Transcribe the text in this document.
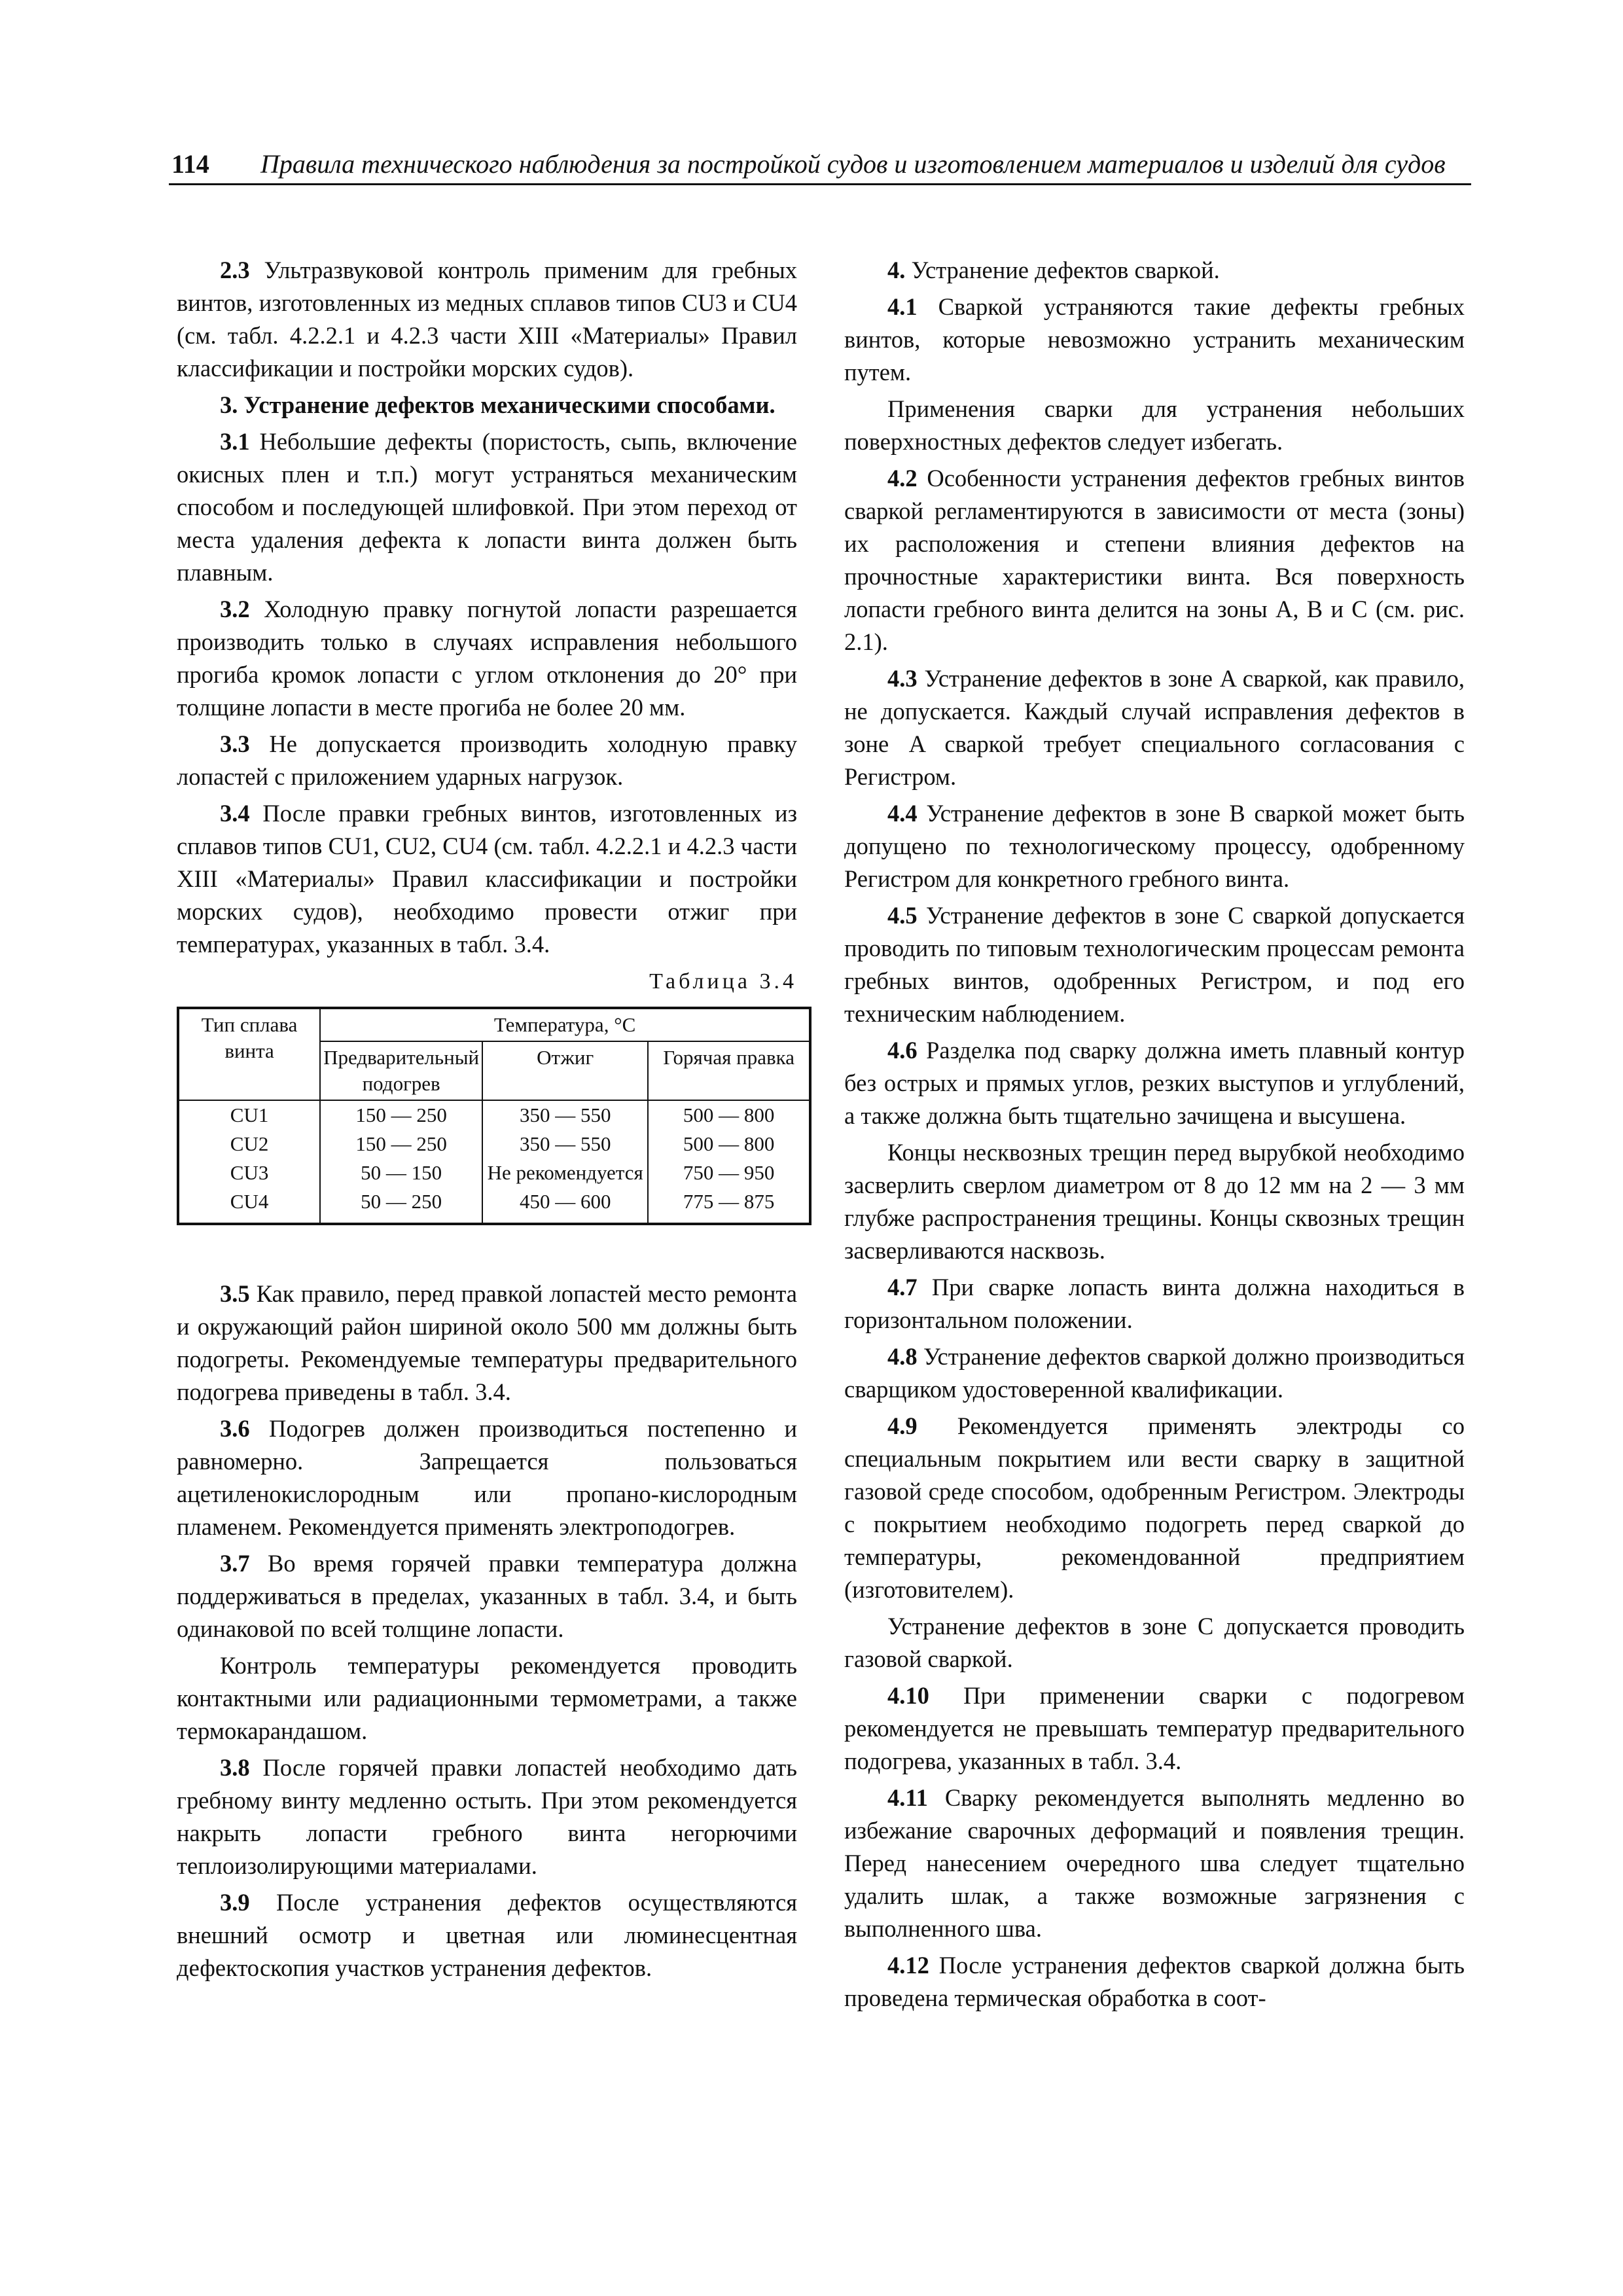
114 Правила технического наблюдения за постройкой судов и изготовлением материалов и изделий для судов

2.3 Ультразвуковой контроль применим для гребных винтов, изготовленных из медных сплавов типов CU3 и CU4 (см. табл. 4.2.2.1 и 4.2.3 части XIII «Материалы» Правил классификации и постройки морских судов).

3. Устранение дефектов механическими способами.

3.1 Небольшие дефекты (пористость, сыпь, включение окисных плен и т.п.) могут устраняться механическим способом и последующей шлифовкой. При этом переход от места удаления дефекта к лопасти винта должен быть плавным.

3.2 Холодную правку погнутой лопасти разрешается производить только в случаях исправления небольшого прогиба кромок лопасти с углом отклонения до 20° при толщине лопасти в месте прогиба не более 20 мм.

3.3 Не допускается производить холодную правку лопастей с приложением ударных нагрузок.

3.4 После правки гребных винтов, изготовленных из сплавов типов CU1, CU2, CU4 (см. табл. 4.2.2.1 и 4.2.3 части XIII «Материалы» Правил классификации и постройки морских судов), необходимо провести отжиг при температурах, указанных в табл. 3.4.

Таблица 3.4
Тип сплава винта	Температура, °С		
	Предварительный подогрев	Отжиг	Горячая правка
CU1	150 — 250	350 — 550	500 — 800
CU2	150 — 250	350 — 550	500 — 800
CU3	50 — 150	Не рекомендуется	750 — 950
CU4	50 — 250	450 — 600	775 — 875

3.5 Как правило, перед правкой лопастей место ремонта и окружающий район шириной около 500 мм должны быть подогреты. Рекомендуемые температуры предварительного подогрева приведены в табл. 3.4.

3.6 Подогрев должен производиться постепенно и равномерно. Запрещается пользоваться ацетиленокислородным или пропано-кислородным пламенем. Рекомендуется применять электроподогрев.

3.7 Во время горячей правки температура должна поддерживаться в пределах, указанных в табл. 3.4, и быть одинаковой по всей толщине лопасти.

Контроль температуры рекомендуется проводить контактными или радиационными термометрами, а также термокарандашом.

3.8 После горячей правки лопастей необходимо дать гребному винту медленно остыть. При этом рекомендуется накрыть лопасти гребного винта негорючими теплоизолирующими материалами.

3.9 После устранения дефектов осуществляются внешний осмотр и цветная или люминесцентная дефектоскопия участков устранения дефектов.

4. Устранение дефектов сваркой.

4.1 Сваркой устраняются такие дефекты гребных винтов, которые невозможно устранить механическим путем.

Применения сварки для устранения небольших поверхностных дефектов следует избегать.

4.2 Особенности устранения дефектов гребных винтов сваркой регламентируются в зависимости от места (зоны) их расположения и степени влияния дефектов на прочностные характеристики винта. Вся поверхность лопасти гребного винта делится на зоны A, B и C (см. рис. 2.1).

4.3 Устранение дефектов в зоне A сваркой, как правило, не допускается. Каждый случай исправления дефектов в зоне A сваркой требует специального согласования с Регистром.

4.4 Устранение дефектов в зоне B сваркой может быть допущено по технологическому процессу, одобренному Регистром для конкретного гребного винта.

4.5 Устранение дефектов в зоне C сваркой допускается проводить по типовым технологическим процессам ремонта гребных винтов, одобренных Регистром, и под его техническим наблюдением.

4.6 Разделка под сварку должна иметь плавный контур без острых и прямых углов, резких выступов и углублений, а также должна быть тщательно зачищена и высушена.

Концы несквозных трещин перед вырубкой необходимо засверлить сверлом диаметром от 8 до 12 мм на 2 — 3 мм глубже распространения трещины. Концы сквозных трещин засверливаются насквозь.

4.7 При сварке лопасть винта должна находиться в горизонтальном положении.

4.8 Устранение дефектов сваркой должно производиться сварщиком удостоверенной квалификации.

4.9 Рекомендуется применять электроды со специальным покрытием или вести сварку в защитной газовой среде способом, одобренным Регистром. Электроды с покрытием необходимо подогреть перед сваркой до температуры, рекомендованной предприятием (изготовителем).

Устранение дефектов в зоне C допускается проводить газовой сваркой.

4.10 При применении сварки с подогревом рекомендуется не превышать температур предварительного подогрева, указанных в табл. 3.4.

4.11 Сварку рекомендуется выполнять медленно во избежание сварочных деформаций и появления трещин. Перед нанесением очередного шва следует тщательно удалить шлак, а также возможные загрязнения с выполненного шва.

4.12 После устранения дефектов сваркой должна быть проведена термическая обработка в соот-
